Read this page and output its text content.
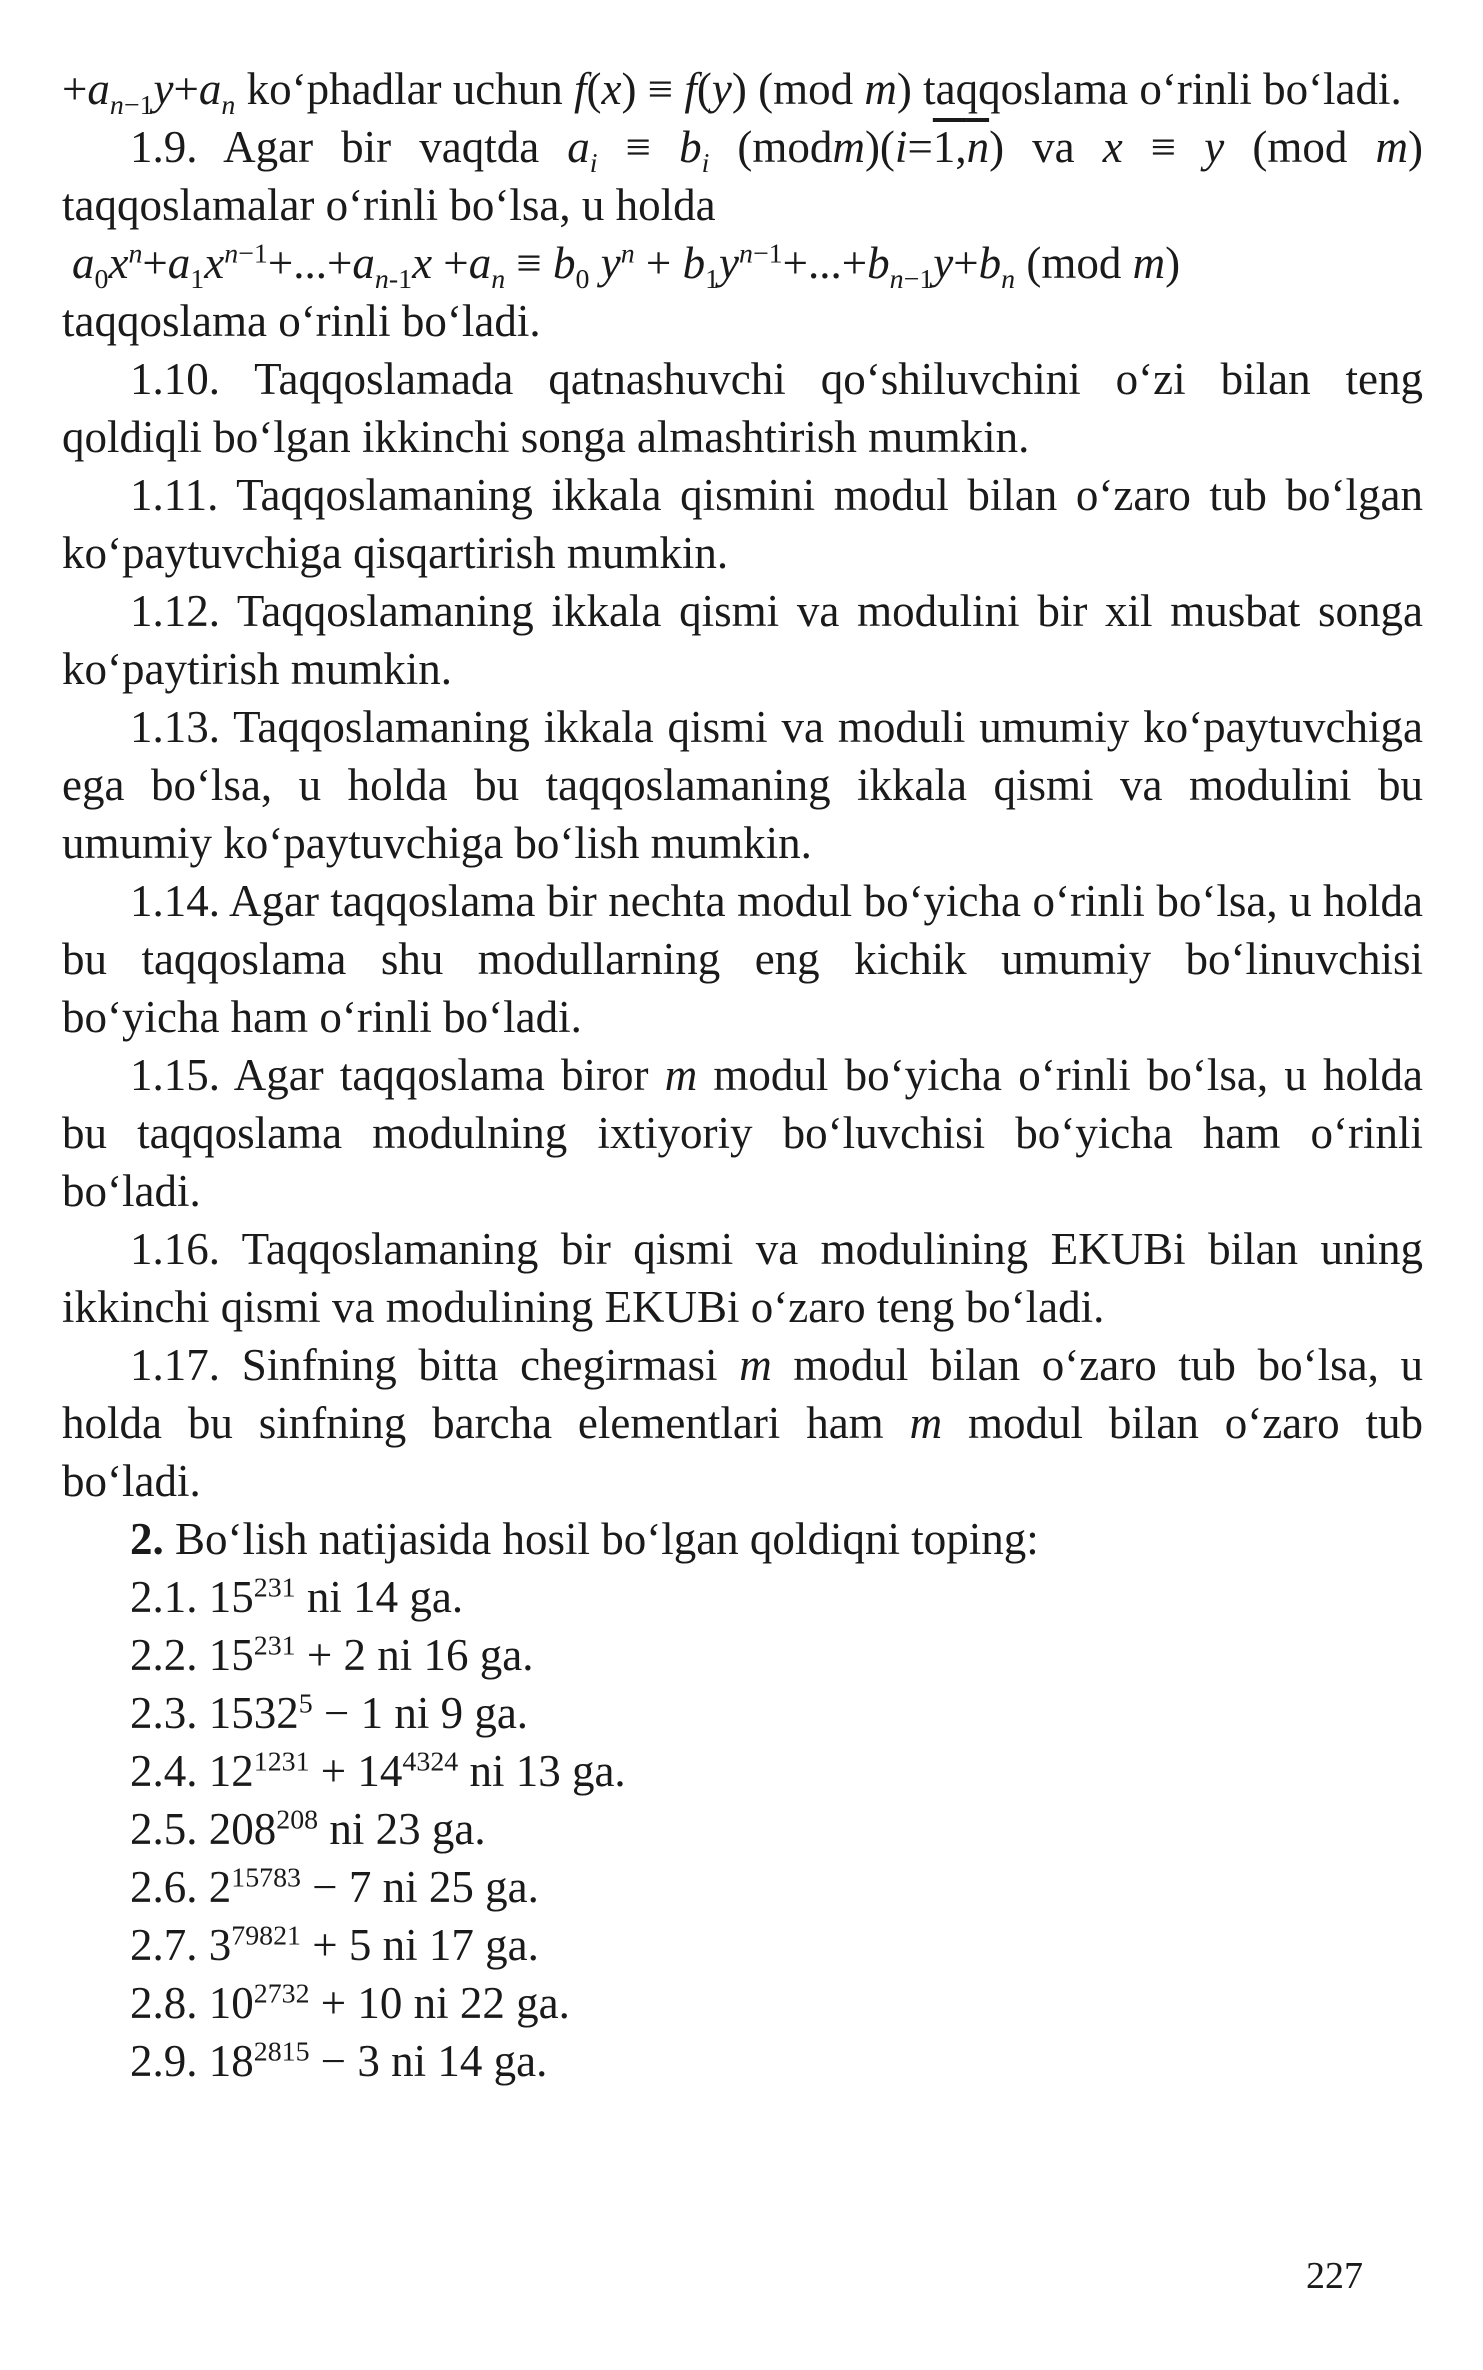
$+a_{n-1}y+a_n$ ko‘phadlar uchun f(x) ≡ f(y) (mod m) taqqoslama o‘rinli bo‘ladi.

1.9. Agar bir vaqtda $a_i \equiv b_i$ (modm)(i=1,n) va x ≡ y (mod m) taqqoslamalar o‘rinli bo‘lsa, u holda

$a_0x^n+a_1x^{n-1}+...+a_{n-1}x +a_n \equiv b_0$ $y^n + b_1y^{n-1}+...+b_{n-1}y+b_n$ (mod m)

taqqoslama o‘rinli bo‘ladi.

1.10. Taqqoslamada qatnashuvchi qo‘shiluvchini o‘zi bilan teng qoldiqli bo‘lgan ikkinchi songa almashtirish mumkin.

1.11. Taqqoslamaning ikkala qismini modul bilan o‘zaro tub bo‘lgan ko‘paytuvchiga qisqartirish mumkin.

1.12. Taqqoslamaning ikkala qismi va modulini bir xil musbat songa ko‘paytirish mumkin.

1.13. Taqqoslamaning ikkala qismi va moduli umumiy ko‘paytuvchiga ega bo‘lsa, u holda bu taqqoslamaning ikkala qismi va modulini bu umumiy ko‘paytuvchiga bo‘lish mumkin.

1.14. Agar taqqoslama bir nechta modul bo‘yicha o‘rinli bo‘lsa, u holda bu taqqoslama shu modullarning eng kichik umumiy bo‘linuvchisi bo‘yicha ham o‘rinli bo‘ladi.

1.15. Agar taqqoslama biror m modul bo‘yicha o‘rinli bo‘lsa, u holda bu taqqoslama modulning ixtiyoriy bo‘luvchisi bo‘yicha ham o‘rinli bo‘ladi.

1.16. Taqqoslamaning bir qismi va modulining EKUBi bilan uning ikkinchi qismi va modulining EKUBi o‘zaro teng bo‘ladi.

1.17. Sinfning bitta chegirmasi m modul bilan o‘zaro tub bo‘lsa, u holda bu sinfning barcha elementlari ham m modul bilan o‘zaro tub bo‘ladi.

2. Bo‘lish natijasida hosil bo‘lgan qoldiqni toping:

2.1. $15^{231}$ ni 14 ga.
2.2. $15^{231} + 2$ ni 16 ga.
2.3. $1532^5 - 1$ ni 9 ga.
2.4. $12^{1231} + 14^{4324}$ ni 13 ga.
2.5. $208^{208}$ ni 23 ga.
2.6. $2^{15783} - 7$ ni 25 ga.
2.7. $3^{79821} + 5$ ni 17 ga.
2.8. $10^{2732} + 10$ ni 22 ga.
2.9. $18^{2815} - 3$ ni 14 ga.
227
